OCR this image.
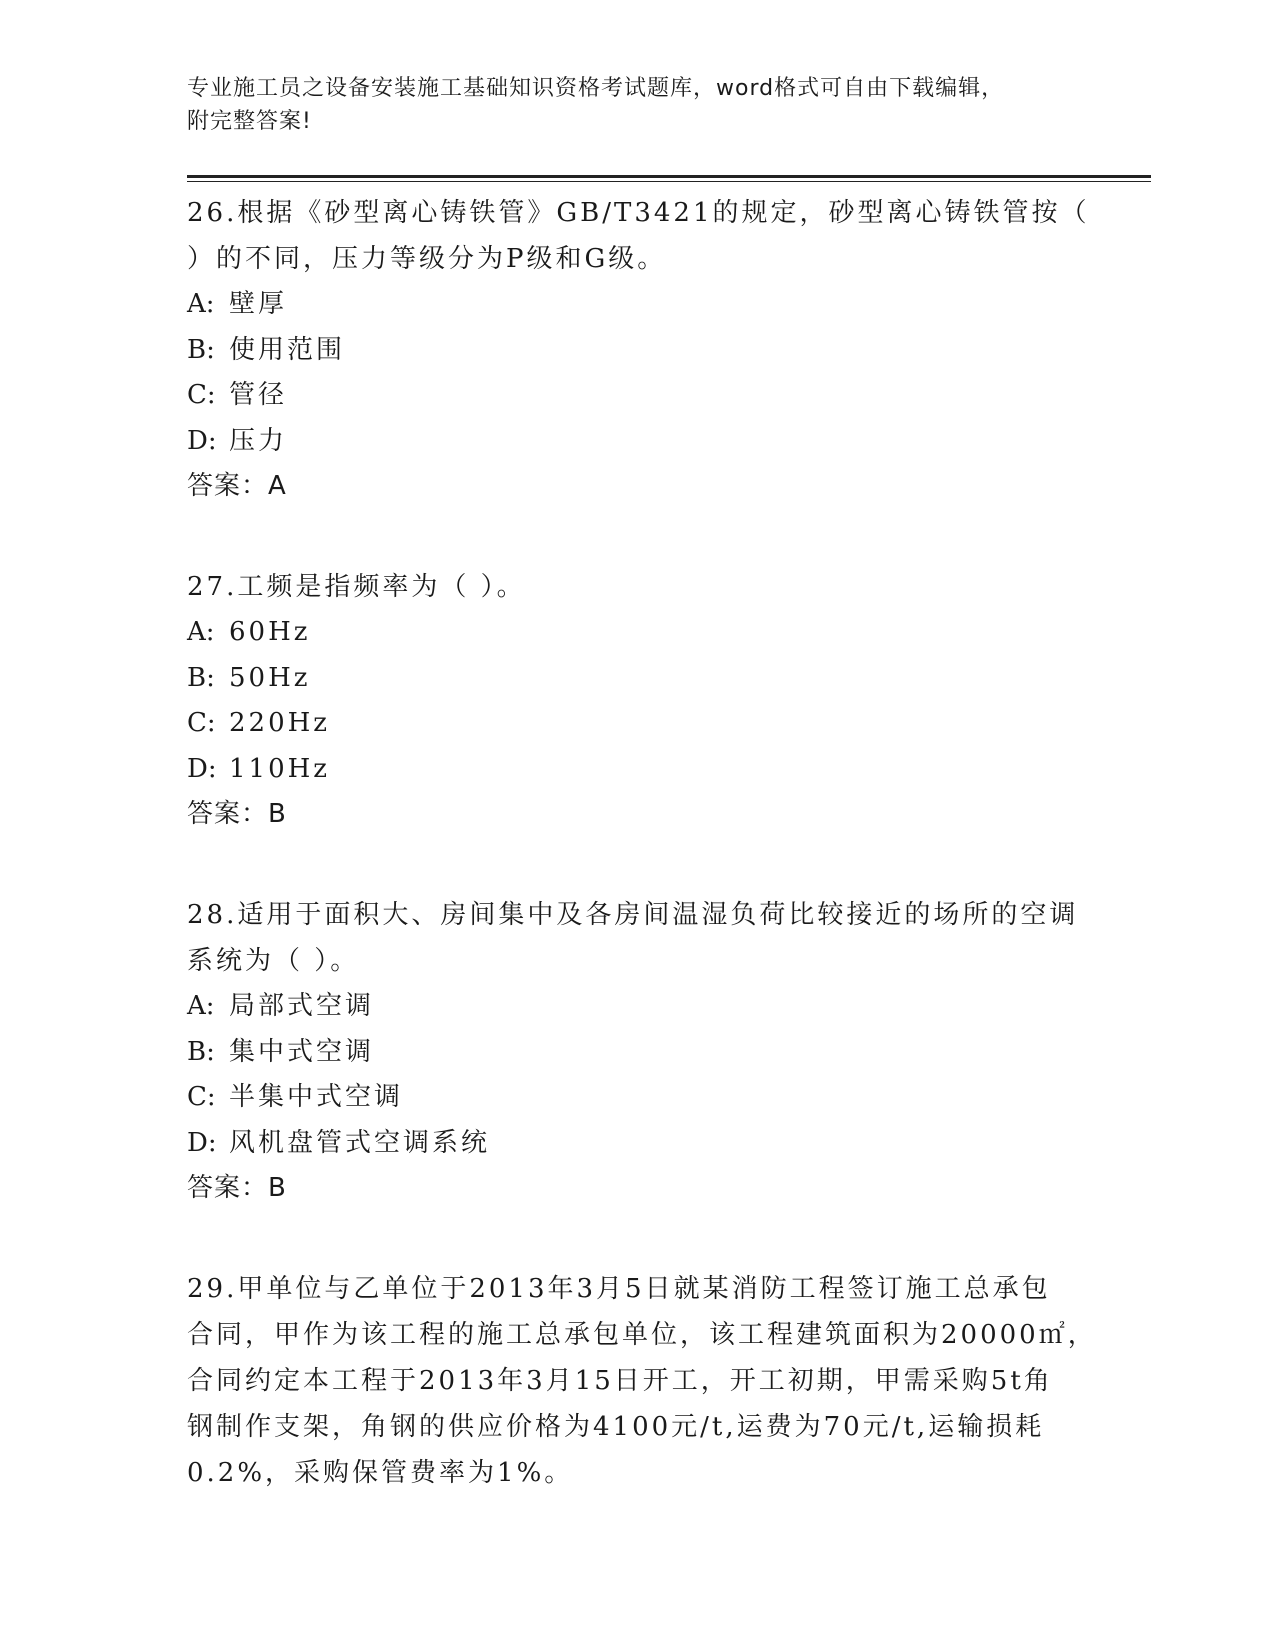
专业施工员之设备安装施工基础知识资格考试题库，word格式可自由下载编辑，
附完整答案!
26.根据《砂型离心铸铁管》GB/T3421的规定，砂型离心铸铁管按（
）的不同，压力等级分为P级和G级。
A: 壁厚
B: 使用范围
C: 管径
D: 压力
答案：A
27.工频是指频率为（ ）。
A: 60Hz
B: 50Hz
C: 220Hz
D: 110Hz
答案：B
28.适用于面积大、房间集中及各房间温湿负荷比较接近的场所的空调
系统为（ ）。
A: 局部式空调
B: 集中式空调
C: 半集中式空调
D: 风机盘管式空调系统
答案：B
29.甲单位与乙单位于2013年3月5日就某消防工程签订施工总承包
合同，甲作为该工程的施工总承包单位，该工程建筑面积为20000㎡，
合同约定本工程于2013年3月15日开工，开工初期，甲需采购5t角
钢制作支架，角钢的供应价格为4100元/t,运费为70元/t,运输损耗
0.2%，采购保管费率为1%。
